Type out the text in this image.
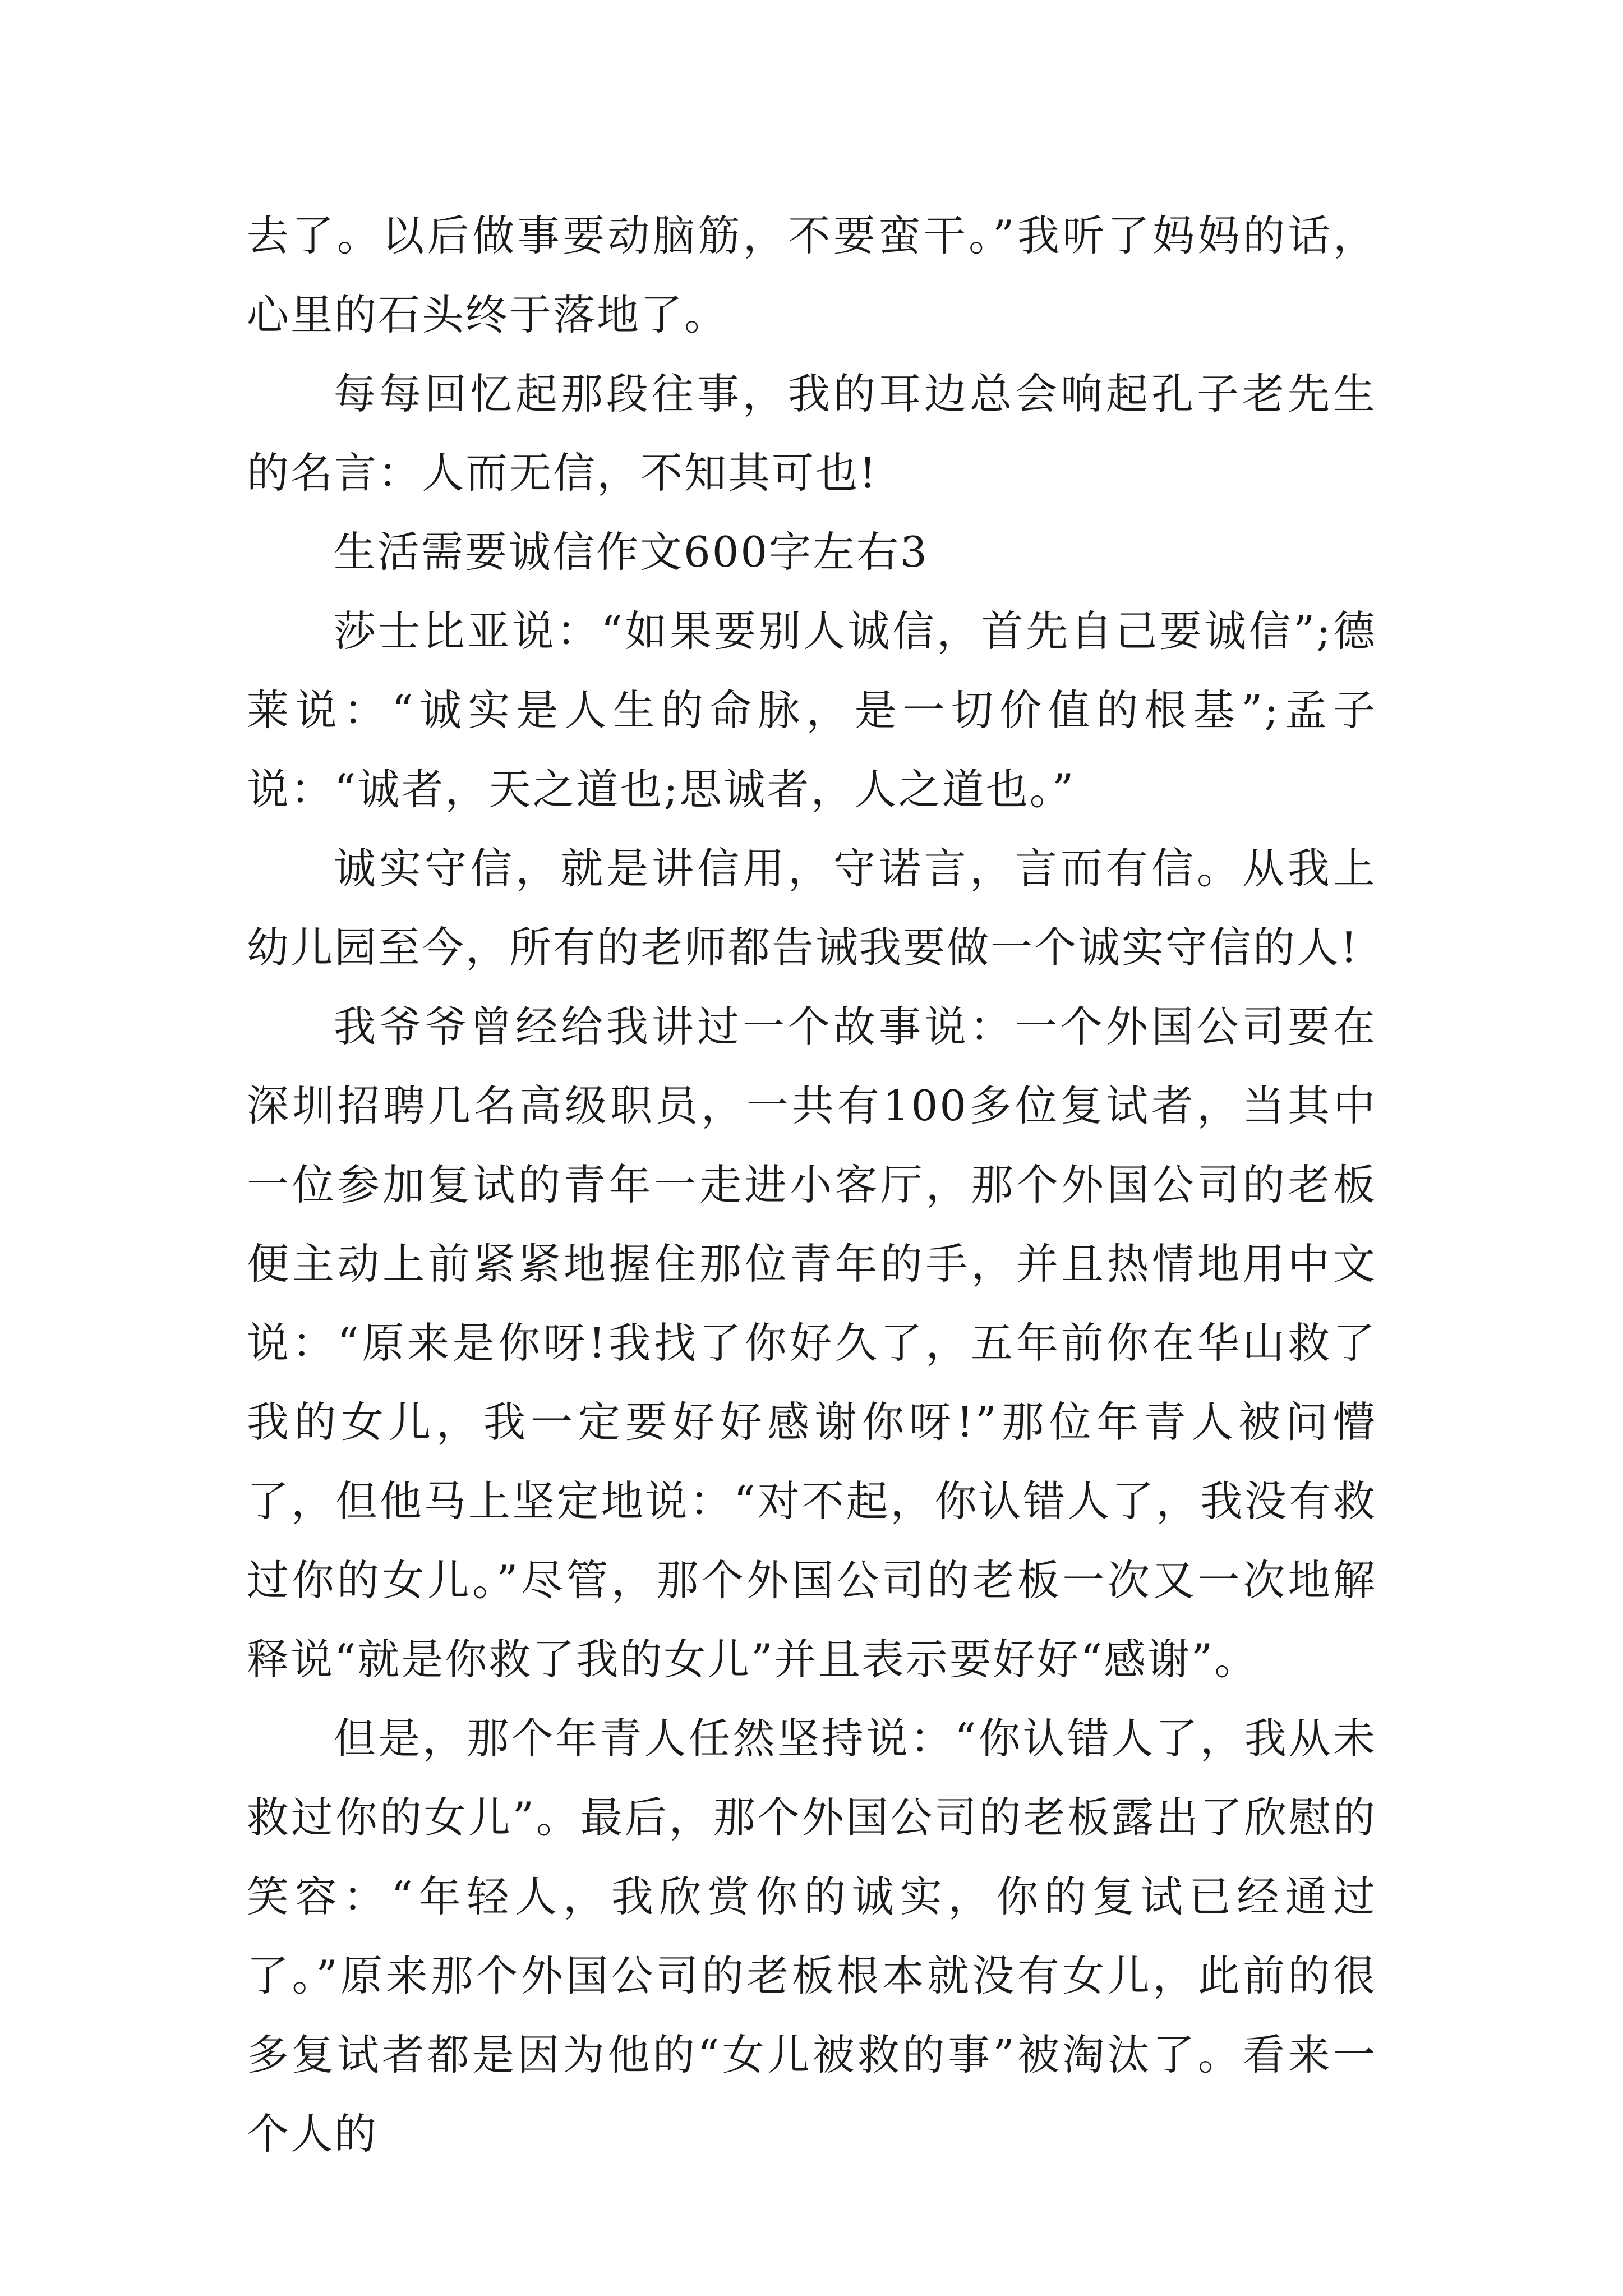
去了。以后做事要动脑筋，不要蛮干。”我听了妈妈的话，心里的石头终于落地了。

每每回忆起那段往事，我的耳边总会响起孔子老先生的名言：人而无信，不知其可也!

生活需要诚信作文600字左右3

莎士比亚说：“如果要别人诚信，首先自己要诚信”;德莱说：“诚实是人生的命脉，是一切价值的根基”;孟子说：“诚者，天之道也;思诚者，人之道也。”

诚实守信，就是讲信用，守诺言，言而有信。从我上幼儿园至今，所有的老师都告诫我要做一个诚实守信的人!

我爷爷曾经给我讲过一个故事说：一个外国公司要在深圳招聘几名高级职员，一共有100多位复试者，当其中一位参加复试的青年一走进小客厅，那个外国公司的老板便主动上前紧紧地握住那位青年的手，并且热情地用中文说：“原来是你呀!我找了你好久了，五年前你在华山救了我的女儿，我一定要好好感谢你呀!”那位年青人被问懵了，但他马上坚定地说：“对不起，你认错人了，我没有救过你的女儿。”尽管，那个外国公司的老板一次又一次地解释说“就是你救了我的女儿”并且表示要好好“感谢”。

但是，那个年青人任然坚持说：“你认错人了，我从未救过你的女儿”。最后，那个外国公司的老板露出了欣慰的笑容：“年轻人，我欣赏你的诚实，你的复试已经通过了。”原来那个外国公司的老板根本就没有女儿，此前的很多复试者都是因为他的“女儿被救的事”被淘汰了。看来一个人的
